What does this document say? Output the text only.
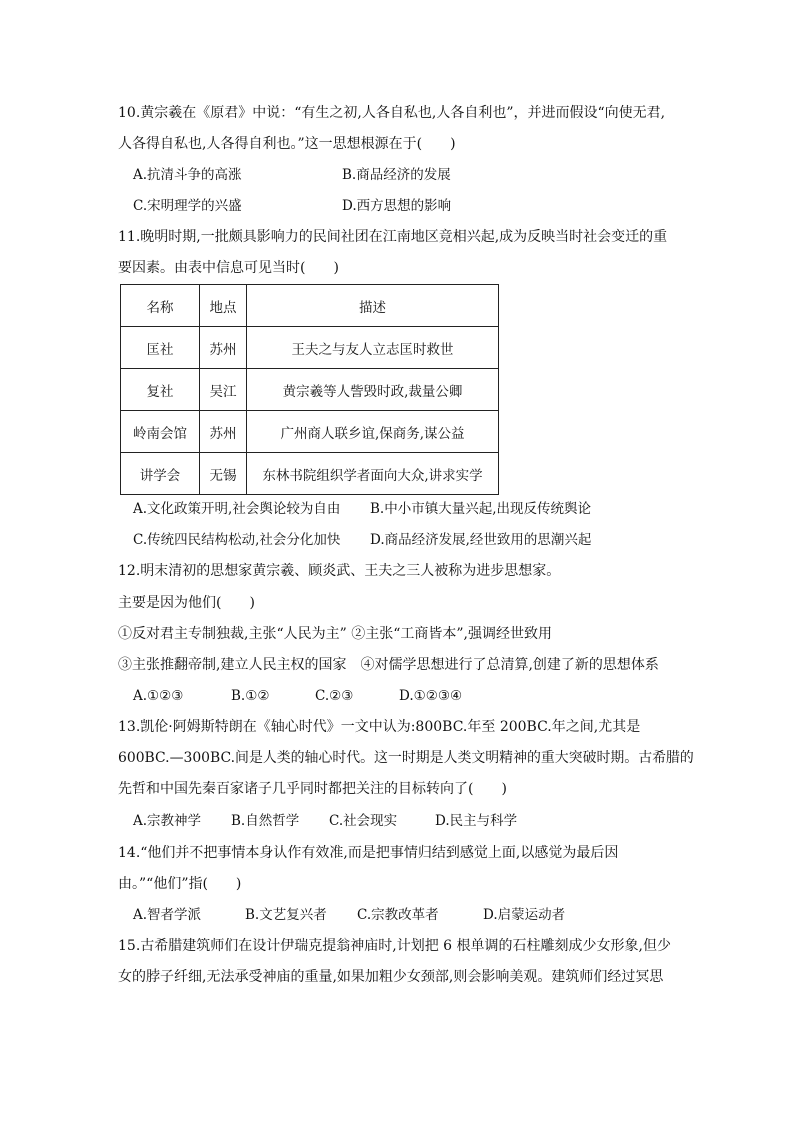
10.黄宗羲在《原君》中说：“有生之初,人各自私也,人各自利也”，并进而假设“向使无君,
人各得自私也,人各得自利也。”这一思想根源在于(　　)
A.抗清斗争的高涨	B.商品经济的发展
C.宋明理学的兴盛	D.西方思想的影响
11.晚明时期,一批颇具影响力的民间社团在江南地区竞相兴起,成为反映当时社会变迁的重
要因素。由表中信息可见当时(　　)
名称	地点	描述
匡社	苏州	王夫之与友人立志匡时救世
复社	吴江	黄宗羲等人訾毁时政,裁量公卿
岭南会馆	苏州	广州商人联乡谊,保商务,谋公益
讲学会	无锡	东林书院组织学者面向大众,讲求实学
A.文化政策开明,社会舆论较为自由 B.中小市镇大量兴起,出现反传统舆论
C.传统四民结构松动,社会分化加快 D.商品经济发展,经世致用的思潮兴起
12.明末清初的思想家黄宗羲、顾炎武、王夫之三人被称为进步思想家。
主要是因为他们(　　)
①反对君主专制独裁,主张“人民为主” ②主张“工商皆本”,强调经世致用
③主张推翻帝制,建立人民主权的国家　④对儒学思想进行了总清算,创建了新的思想体系
A.①②③	B.①②	C.②③	D.①②③④
13.凯伦·阿姆斯特朗在《轴心时代》一文中认为:800BC.年至 200BC.年之间,尤其是
600BC.—300BC.间是人类的轴心时代。这一时期是人类文明精神的重大突破时期。古希腊的
先哲和中国先秦百家诸子几乎同时都把关注的目标转向了(　　)
A.宗教神学 B.自然哲学 C.社会现实	D.民主与科学
14.“他们并不把事情本身认作有效准,而是把事情归结到感觉上面,以感觉为最后因
由。”“他们”指(　　)
A.智者学派	B.文艺复兴者 C.宗教改革者	D.启蒙运动者
15.古希腊建筑师们在设计伊瑞克提翁神庙时,计划把 6 根单调的石柱雕刻成少女形象,但少
女的脖子纤细,无法承受神庙的重量,如果加粗少女颈部,则会影响美观。建筑师们经过冥思
